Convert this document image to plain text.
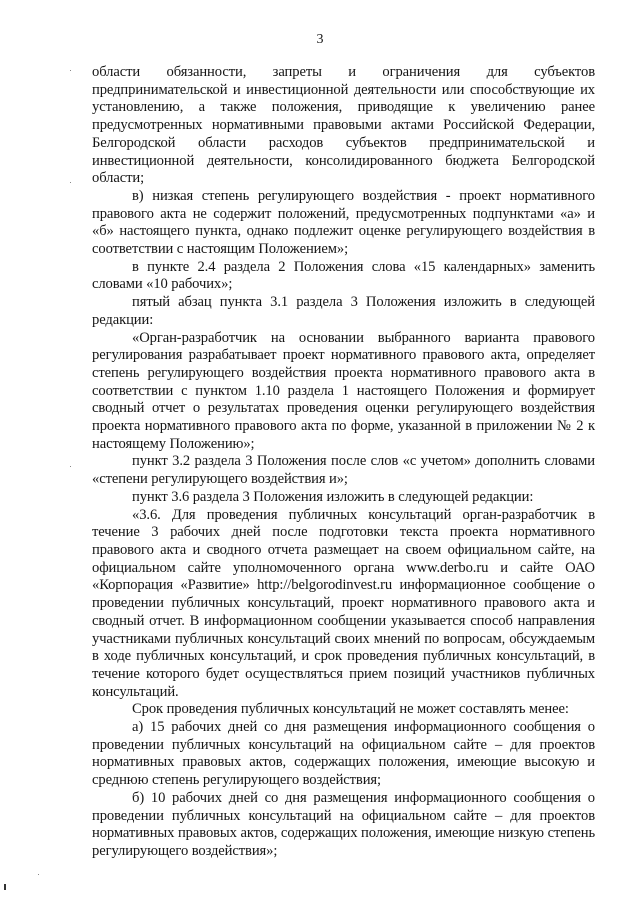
3

области обязанности, запреты и ограничения для субъектов предпринимательской и инвестиционной деятельности или способствующие их установлению, а также положения, приводящие к увеличению ранее предусмотренных нормативными правовыми актами Российской Федерации, Белгородской области расходов субъектов предпринимательской и инвестиционной деятельности, консолидированного бюджета Белгородской области;

в) низкая степень регулирующего воздействия - проект нормативного правового акта не содержит положений, предусмотренных подпунктами «а» и «б» настоящего пункта, однако подлежит оценке регулирующего воздействия в соответствии с настоящим Положением»;

в пункте 2.4 раздела 2 Положения слова «15 календарных» заменить словами «10 рабочих»;

пятый абзац пункта 3.1 раздела 3 Положения изложить в следующей редакции:

«Орган-разработчик на основании выбранного варианта правового регулирования разрабатывает проект нормативного правового акта, определяет степень регулирующего воздействия проекта нормативного правового акта в соответствии с пунктом 1.10 раздела 1 настоящего Положения и формирует сводный отчет о результатах проведения оценки регулирующего воздействия проекта нормативного правового акта по форме, указанной в приложении № 2 к настоящему Положению»;

пункт 3.2 раздела 3 Положения после слов «с учетом» дополнить словами «степени регулирующего воздействия и»;

пункт 3.6 раздела 3 Положения изложить в следующей редакции:

«3.6. Для проведения публичных консультаций орган-разработчик в течение 3 рабочих дней после подготовки текста проекта нормативного правового акта и сводного отчета размещает на своем официальном сайте, на официальном сайте уполномоченного органа www.derbo.ru и сайте ОАО «Корпорация «Развитие» http://belgorodinvest.ru информационное сообщение о проведении публичных консультаций, проект нормативного правового акта и сводный отчет. В информационном сообщении указывается способ направления участниками публичных консультаций своих мнений по вопросам, обсуждаемым в ходе публичных консультаций, и срок проведения публичных консультаций, в течение которого будет осуществляться прием позиций участников публичных консультаций.

Срок проведения публичных консультаций не может составлять менее:

а) 15 рабочих дней со дня размещения информационного сообщения о проведении публичных консультаций на официальном сайте – для проектов нормативных правовых актов, содержащих положения, имеющие высокую и среднюю степень регулирующего воздействия;

б) 10 рабочих дней со дня размещения информационного сообщения о проведении публичных консультаций на официальном сайте – для проектов нормативных правовых актов, содержащих положения, имеющие низкую степень регулирующего воздействия»;
